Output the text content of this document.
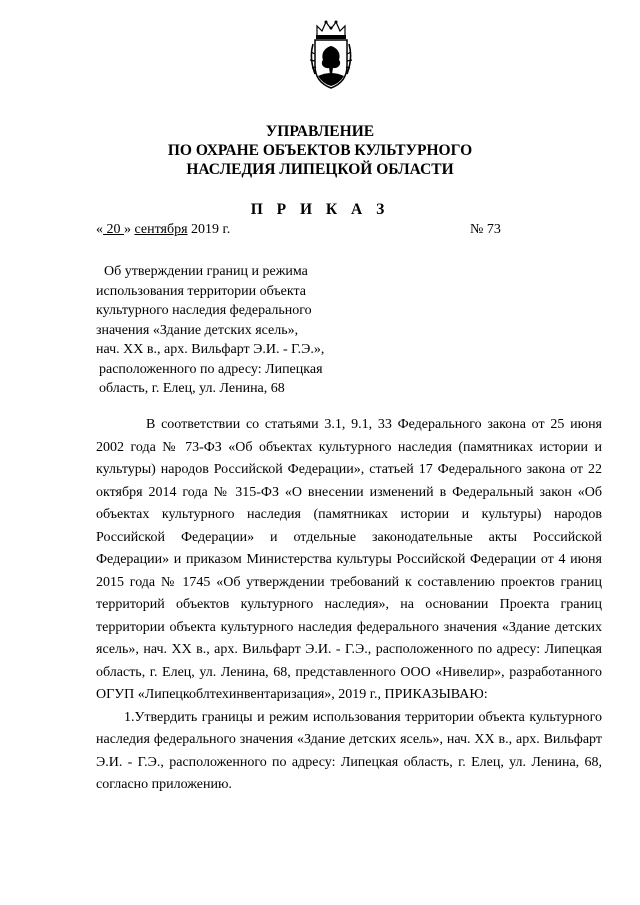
УПРАВЛЕНИЕ
ПО ОХРАНЕ ОБЪЕКТОВ КУЛЬТУРНОГО
НАСЛЕДИЯ ЛИПЕЦКОЙ ОБЛАСТИ
П Р И К А З
« 20 » сентября 2019 г.	№ 73
Об утверждении границ и режима
использования территории объекта
культурного наследия федерального
значения «Здание детских ясель»,
нач. XX в., арх. Вильфарт Э.И. - Г.Э.»,
расположенного по адресу: Липецкая
область, г. Елец, ул. Ленина, 68

В соответствии со статьями 3.1, 9.1, 33 Федерального закона от 25 июня 2002 года № 73-ФЗ «Об объектах культурного наследия (памятниках истории и культуры) народов Российской Федерации», статьей 17 Федерального закона от 22 октября 2014 года № 315-ФЗ «О внесении изменений в Федеральный закон «Об объектах культурного наследия (памятниках истории и культуры) народов Российской Федерации» и отдельные законодательные акты Российской Федерации» и приказом Министерства культуры Российской Федерации от 4 июня 2015 года № 1745 «Об утверждении требований к составлению проектов границ территорий объектов культурного наследия», на основании Проекта границ территории объекта культурного наследия федерального значения «Здание детских ясель», нач. XX в., арх. Вильфарт Э.И. - Г.Э., расположенного по адресу: Липецкая область, г. Елец, ул. Ленина, 68, представленного ООО «Нивелир», разработанного ОГУП «Липецкоблтехинвентаризация», 2019 г., ПРИКАЗЫВАЮ:

1.Утвердить границы и режим использования территории объекта культурного наследия федерального значения «Здание детских ясель», нач. XX в., арх. Вильфарт Э.И. - Г.Э., расположенного по адресу: Липецкая область, г. Елец, ул. Ленина, 68, согласно приложению.
